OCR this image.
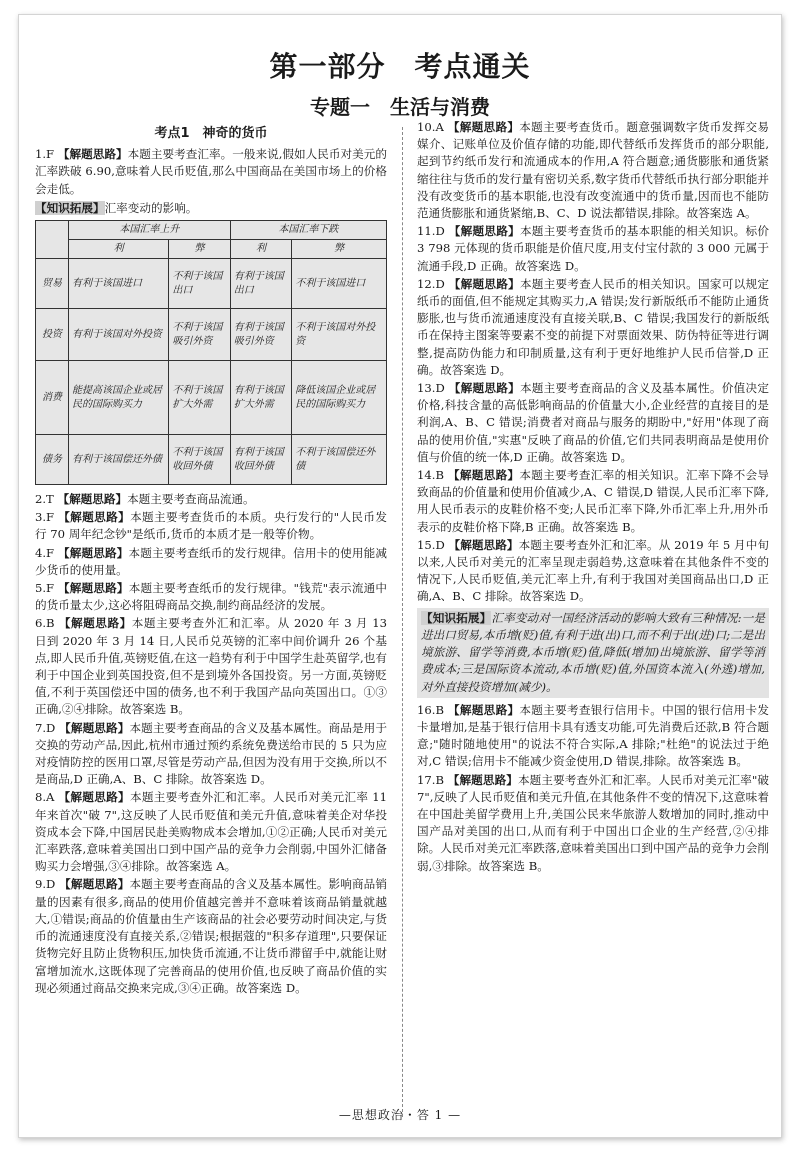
第一部分　考点通关
专题一　生活与消费
考点1　神奇的货币
1.F 【解题思路】本题主要考查汇率。一般来说,假如人民币对美元的汇率跌破 6.90,意味着人民币贬值,那么中国商品在美国市场上的价格会走低。
【知识拓展】汇率变动的影响。
	本国汇率上升		本国汇率下跌	
	利	弊	利	弊
贸易	有利于该国进口	不利于该国出口	有利于该国出口	不利于该国进口
投资	有利于该国对外投资	不利于该国吸引外资	有利于该国吸引外资	不利于该国对外投资
消费	能提高该国企业或居民的国际购买力	不利于该国扩大外需	有利于该国扩大外需	降低该国企业或居民的国际购买力
债务	有利于该国偿还外债	不利于该国收回外债	有利于该国收回外债	不利于该国偿还外债
2.T 【解题思路】本题主要考查商品流通。
3.F 【解题思路】本题主要考查货币的本质。央行发行的"人民币发行 70 周年纪念钞"是纸币,货币的本质才是一般等价物。
4.F 【解题思路】本题主要考查纸币的发行规律。信用卡的使用能减少货币的使用量。
5.F 【解题思路】本题主要考查纸币的发行规律。"钱荒"表示流通中的货币量太少,这必将阻碍商品交换,制约商品经济的发展。
6.B 【解题思路】本题主要考查外汇和汇率。从 2020 年 3 月 13 日到 2020 年 3 月 14 日,人民币兑英镑的汇率中间价调升 26 个基点,即人民币升值,英镑贬值,在这一趋势有利于中国学生赴英留学,也有利于中国企业到英国投资,但不是到境外各国投资。另一方面,英镑贬值,不利于英国偿还中国的债务,也不利于我国产品向英国出口。①③正确,②④排除。故答案选 B。
7.D 【解题思路】本题主要考查商品的含义及基本属性。商品是用于交换的劳动产品,因此,杭州市通过预约系统免费送给市民的 5 只为应对疫情防控的医用口罩,尽管是劳动产品,但因为没有用于交换,所以不是商品,D 正确,A、B、C 排除。故答案选 D。
8.A 【解题思路】本题主要考查外汇和汇率。人民币对美元汇率 11 年来首次"破 7",这反映了人民币贬值和美元升值,意味着美企对华投资成本会下降,中国居民赴美购物成本会增加,①②正确;人民币对美元汇率跌落,意味着美国出口到中国产品的竞争力会削弱,中国外汇储备购买力会增强,③④排除。故答案选 A。
9.D 【解题思路】本题主要考查商品的含义及基本属性。影响商品销量的因素有很多,商品的使用价值越完善并不意味着该商品销量就越大,①错误;商品的价值量由生产该商品的社会必要劳动时间决定,与货币的流通速度没有直接关系,②错误;根据蔻的"积多存道理",只要保证货物完好且防止货物积压,加快货币流通,不让货币滞留手中,就能让财富增加流水,这既体现了完善商品的使用价值,也反映了商品价值的实现必须通过商品交换来完成,③④正确。故答案选 D。
10.A 【解题思路】本题主要考查货币。题意强调数字货币发挥交易媒介、记账单位及价值存储的功能,即代替纸币发挥货币的部分职能,起到节约纸币发行和流通成本的作用,A 符合题意;通货膨胀和通货紧缩往往与货币的发行量有密切关系,数字货币代替纸币执行部分职能并没有改变货币的基本职能,也没有改变流通中的货币量,因而也不能防范通货膨胀和通货紧缩,B、C、D 说法都错误,排除。故答案选 A。
11.D 【解题思路】本题主要考查货币的基本职能的相关知识。标价 3 798 元体现的货币职能是价值尺度,用支付宝付款的 3 000 元属于流通手段,D 正确。故答案选 D。
12.D 【解题思路】本题主要考查人民币的相关知识。国家可以规定纸币的面值,但不能规定其购买力,A 错误;发行新版纸币不能防止通货膨胀,也与货币流通速度没有直接关联,B、C 错误;我国发行的新版纸币在保持主图案等要素不变的前提下对票面效果、防伪特征等进行调整,提高防伪能力和印制质量,这有利于更好地维护人民币信誉,D 正确。故答案选 D。
13.D 【解题思路】本题主要考查商品的含义及基本属性。价值决定价格,科技含量的高低影响商品的价值量大小,企业经营的直接目的是利润,A、B、C 错误;消费者对商品与服务的期盼中,"好用"体现了商品的使用价值,"实惠"反映了商品的价值,它们共同表明商品是使用价值与价值的统一体,D 正确。故答案选 D。
14.B 【解题思路】本题主要考查汇率的相关知识。汇率下降不会导致商品的价值量和使用价值减少,A、C 错误,D 错误,人民币汇率下降,用人民币表示的皮鞋价格不变;人民币汇率下降,外币汇率上升,用外币表示的皮鞋价格下降,B 正确。故答案选 B。
15.D 【解题思路】本题主要考查外汇和汇率。从 2019 年 5 月中旬以来,人民币对美元的汇率呈现走弱趋势,这意味着在其他条件不变的情况下,人民币贬值,美元汇率上升,有利于我国对美国商品出口,D 正确,A、B、C 排除。故答案选 D。
【知识拓展】汇率变动对一国经济活动的影响大致有三种情况:一是进出口贸易,本币增(贬)值,有利于进(出)口,而不利于出(进)口;二是出境旅游、留学等消费,本币增(贬)值,降低(增加)出境旅游、留学等消费成本;三是国际资本流动,本币增(贬)值,外国资本流入(外逃)增加,对外直接投资增加(减少)。
16.B 【解题思路】本题主要考查银行信用卡。中国的银行信用卡发卡量增加,是基于银行信用卡具有透支功能,可先消费后还款,B 符合题意;"随时随地使用"的说法不符合实际,A 排除;"杜绝"的说法过于绝对,C 错误;信用卡不能减少资金使用,D 错误,排除。故答案选 B。
17.B 【解题思路】本题主要考查外汇和汇率。人民币对美元汇率"破 7",反映了人民币贬值和美元升值,在其他条件不变的情况下,这意味着在中国赴美留学费用上升,美国公民来华旅游人数增加的同时,推动中国产品对美国的出口,从而有利于中国出口企业的生产经营,②④排除。人民币对美元汇率跌落,意味着美国出口到中国产品的竞争力会削弱,③排除。故答案选 B。
—思想政治・答 1 —
